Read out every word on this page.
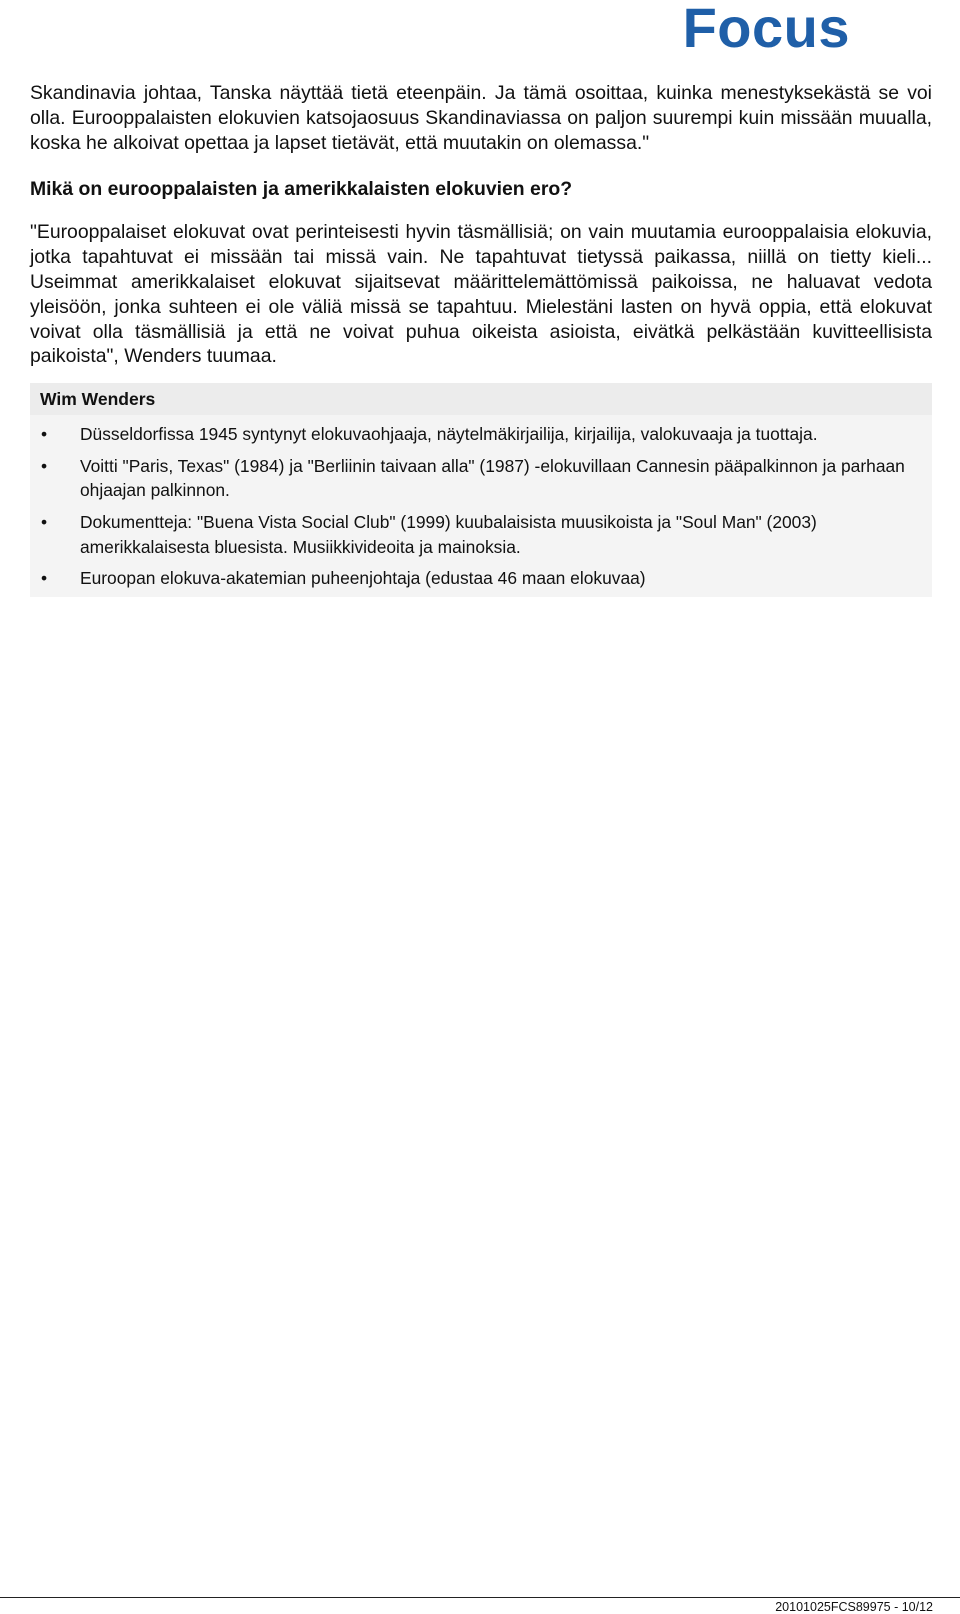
Focus

Skandinavia johtaa, Tanska näyttää tietä eteenpäin. Ja tämä osoittaa, kuinka menestyksekästä se voi olla. Eurooppalaisten elokuvien katsojaosuus Skandinaviassa on paljon suurempi kuin missään muualla, koska he alkoivat opettaa ja lapset tietävät, että muutakin on olemassa."

Mikä on eurooppalaisten ja amerikkalaisten elokuvien ero?

"Eurooppalaiset elokuvat ovat perinteisesti hyvin täsmällisiä; on vain muutamia eurooppalaisia elokuvia, jotka tapahtuvat ei missään tai missä vain. Ne tapahtuvat tietyssä paikassa, niillä on tietty kieli... Useimmat amerikkalaiset elokuvat sijaitsevat määrittelemättömissä paikoissa, ne haluavat vedota yleisöön, jonka suhteen ei ole väliä missä se tapahtuu. Mielestäni lasten on hyvä oppia, että elokuvat voivat olla täsmällisiä ja että ne voivat puhua oikeista asioista, eivätkä pelkästään kuvitteellisista paikoista", Wenders tuumaa.

Wim Wenders
• Düsseldorfissa 1945 syntynyt elokuvaohjaaja, näytelmäkirjailija, kirjailija, valokuvaaja ja tuottaja.
• Voitti "Paris, Texas" (1984) ja "Berliinin taivaan alla" (1987) -elokuvillaan Cannesin pääpalkinnon ja parhaan ohjaajan palkinnon.
• Dokumentteja: "Buena Vista Social Club" (1999) kuubalaisista muusikoista ja "Soul Man" (2003) amerikkalaisesta bluesista. Musiikkivideoita ja mainoksia.
• Euroopan elokuva-akatemian puheenjohtaja (edustaa 46 maan elokuvaa)
20101025FCS89975 - 10/12
